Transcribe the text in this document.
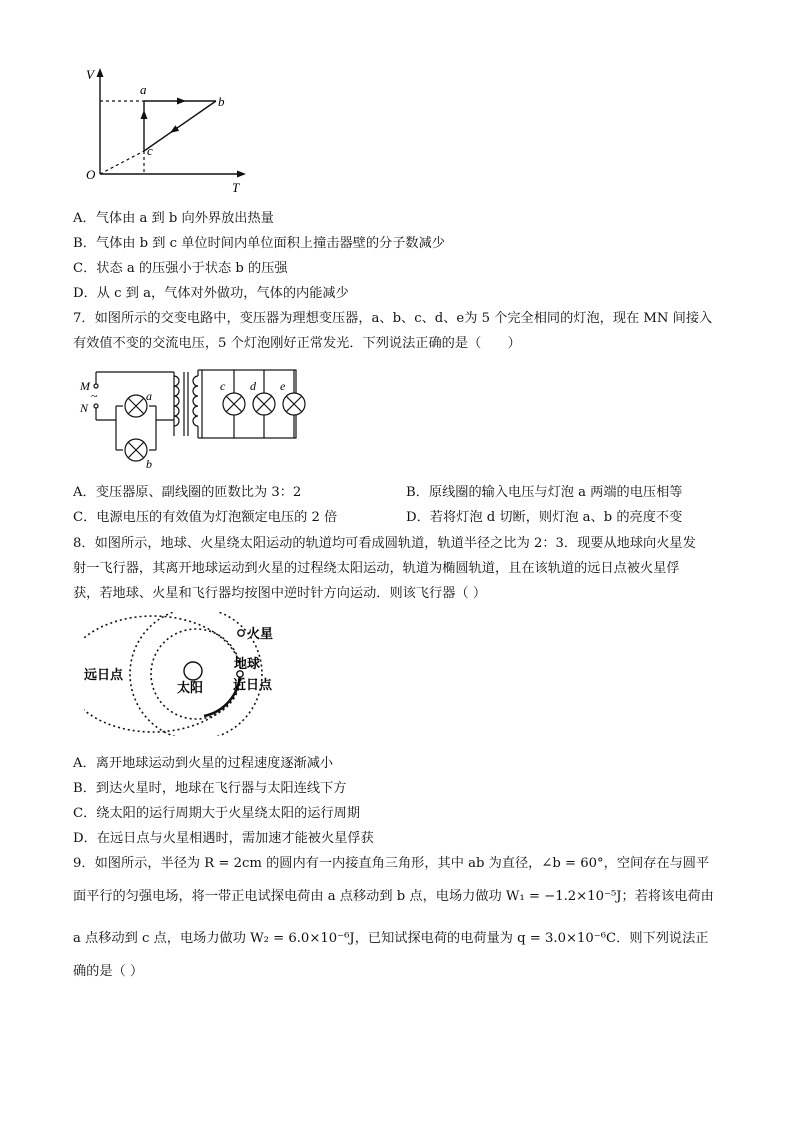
V
T
O
a
b
c
A．气体由 a 到 b 向外界放出热量
B．气体由 b 到 c 单位时间内单位面积上撞击器壁的分子数减少
C．状态 a 的压强小于状态 b 的压强
D．从 c 到 a，气体对外做功，气体的内能减少
7．如图所示的交变电路中，变压器为理想变压器，a、b、c、d、e为 5 个完全相同的灯泡，现在 MN 间接入
有效值不变的交流电压，5 个灯泡刚好正常发光．下列说法正确的是（　　）
M
~
N
a
b
c d e
A．变压器原、副线圈的匝数比为 3：2	B．原线圈的输入电压与灯泡 a 两端的电压相等
C．电源电压的有效值为灯泡额定电压的 2 倍	D．若将灯泡 d 切断，则灯泡 a、b 的亮度不变
8．如图所示，地球、火星绕太阳运动的轨道均可看成圆轨道，轨道半径之比为 2：3．现要从地球向火星发
射一飞行器，其离开地球运动到火星的过程绕太阳运动，轨道为椭圆轨道，且在该轨道的远日点被火星俘
获，若地球、火星和飞行器均按图中逆时针方向运动．则该飞行器（ ）
火星
地球
太阳 近日点
远日点
A．离开地球运动到火星的过程速度逐渐减小
B．到达火星时，地球在飞行器与太阳连线下方
C．绕太阳的运行周期大于火星绕太阳的运行周期
D．在远日点与火星相遇时，需加速才能被火星俘获
9．如图所示，半径为 R = 2cm 的圆内有一内接直角三角形，其中 ab 为直径，∠b = 60°，空间存在与圆平
面平行的匀强电场，将一带正电试探电荷由 a 点移动到 b 点，电场力做功 W₁ = −1.2×10⁻⁵J；若将该电荷由
a 点移动到 c 点，电场力做功 W₂ = 6.0×10⁻⁶J，已知试探电荷的电荷量为 q = 3.0×10⁻⁶C．则下列说法正
确的是（ ）
